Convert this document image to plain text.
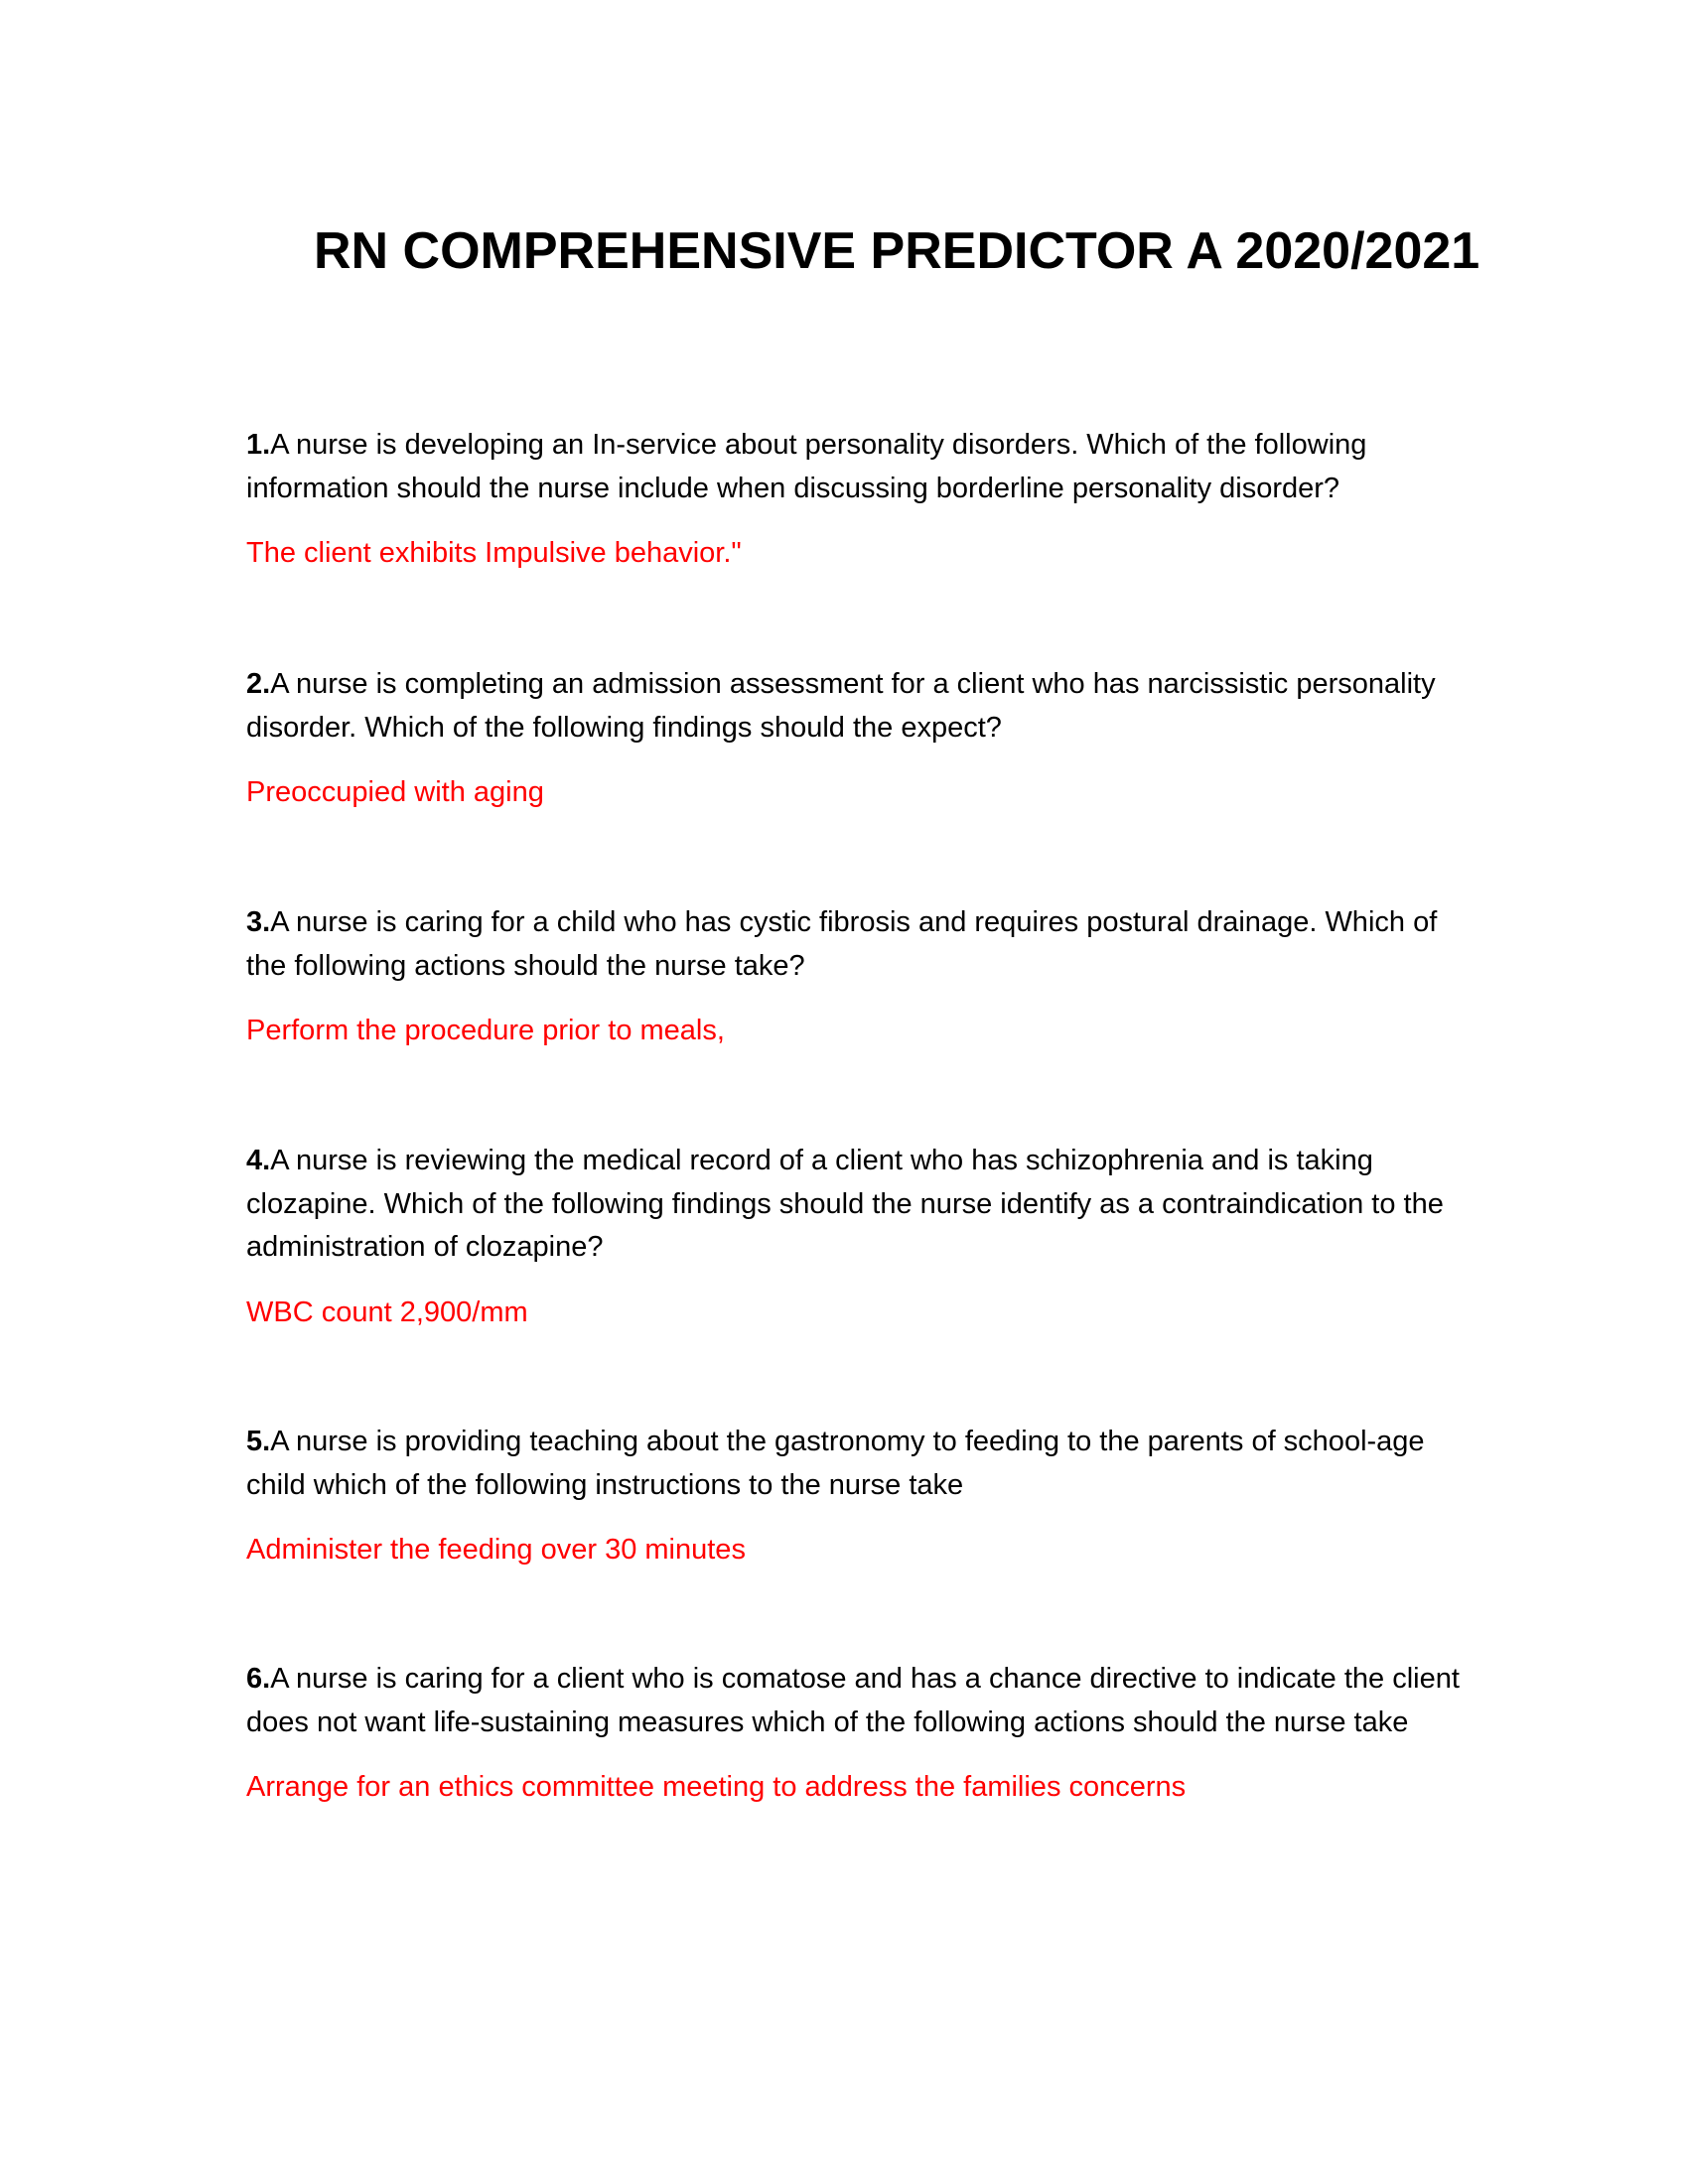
RN COMPREHENSIVE PREDICTOR A 2020/2021

1.A nurse is developing an In-service about personality disorders. Which of the following information should the nurse include when discussing borderline personality disorder?

The client exhibits Impulsive behavior."

2.A nurse is completing an admission assessment for a client who has narcissistic personality disorder. Which of the following findings should the expect?

Preoccupied with aging

3.A nurse is caring for a child who has cystic fibrosis and requires postural drainage. Which of the following actions should the nurse take?

Perform the procedure prior to meals,

4.A nurse is reviewing the medical record of a client who has schizophrenia and is taking clozapine. Which of the following findings should the nurse identify as a contraindication to the administration of clozapine?

WBC count 2,900/mm

5.A nurse is providing teaching about the gastronomy to feeding to the parents of school-age child which of the following instructions to the nurse take

Administer the feeding over 30 minutes

6.A nurse is caring for a client who is comatose and has a chance directive to indicate the client does not want life-sustaining measures which of the following actions should the nurse take

Arrange for an ethics committee meeting to address the families concerns
